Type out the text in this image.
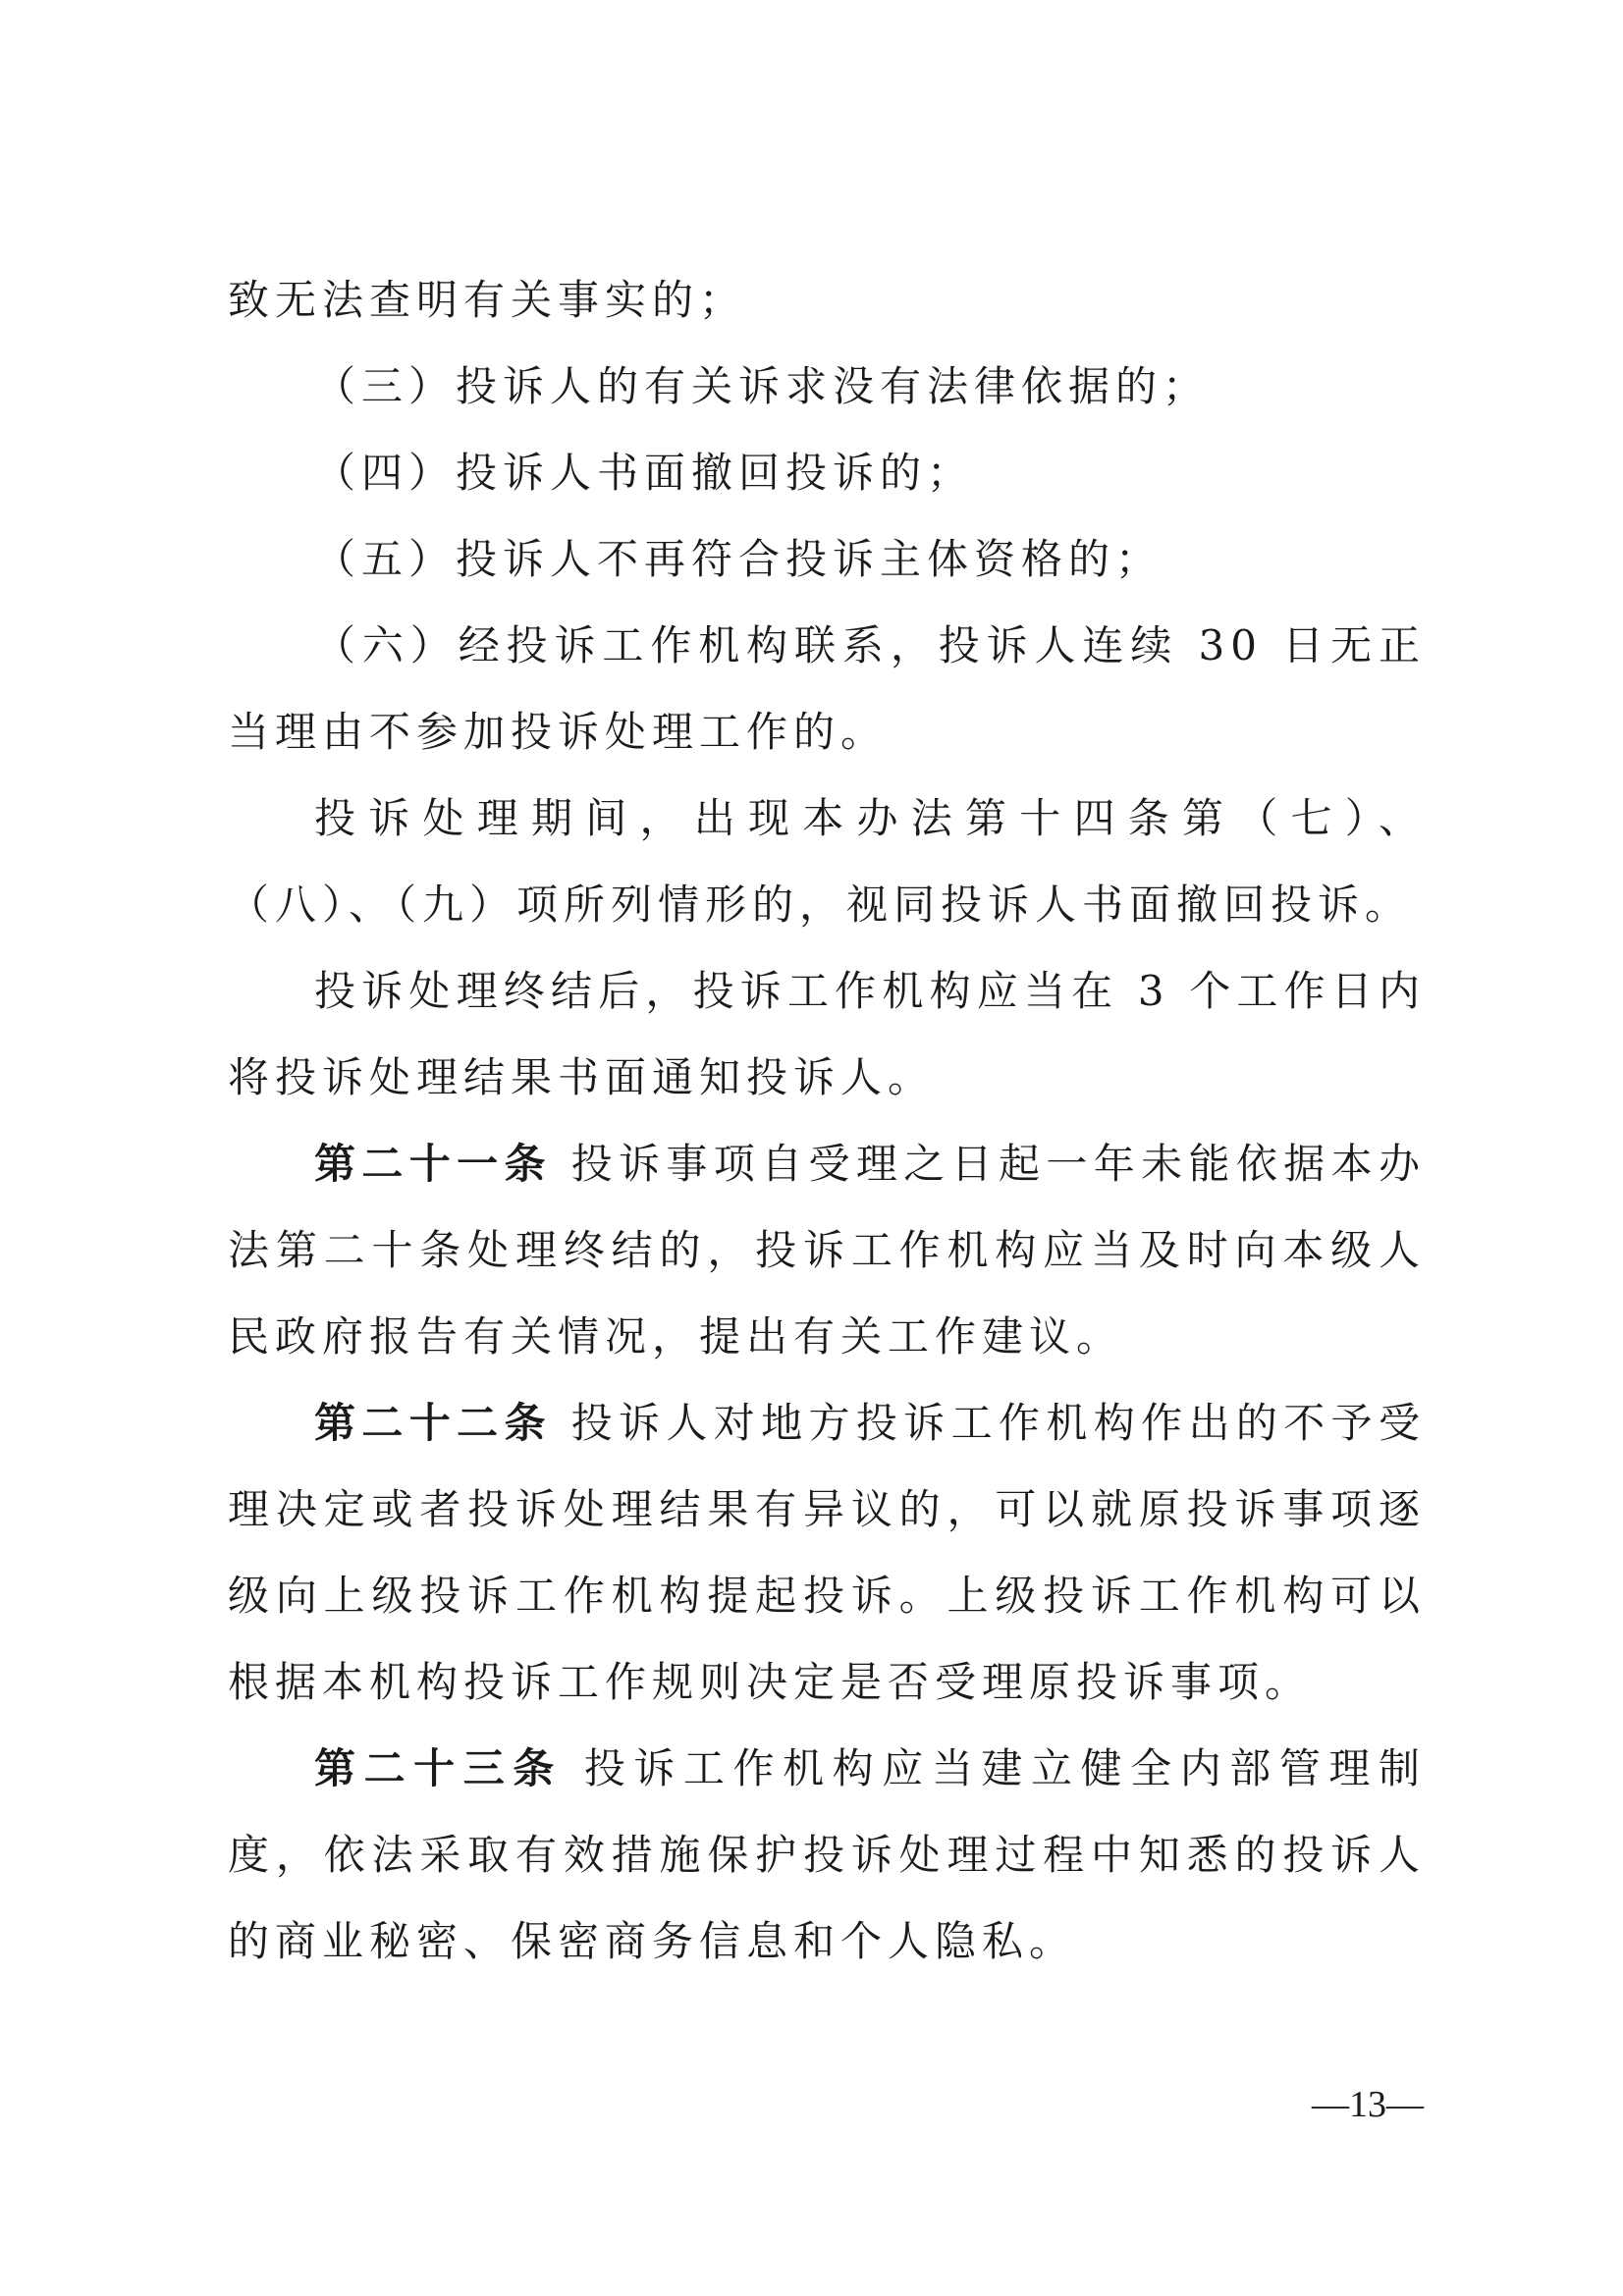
致无法查明有关事实的；

（三）投诉人的有关诉求没有法律依据的；

（四）投诉人书面撤回投诉的；

（五）投诉人不再符合投诉主体资格的；

（六）经投诉工作机构联系，投诉人连续 30 日无正当理由不参加投诉处理工作的。

投诉处理期间，出现本办法第十四条第（七）、（八）、（九）项所列情形的，视同投诉人书面撤回投诉。

投诉处理终结后，投诉工作机构应当在 3 个工作日内将投诉处理结果书面通知投诉人。

第二十一条 投诉事项自受理之日起一年未能依据本办法第二十条处理终结的，投诉工作机构应当及时向本级人民政府报告有关情况，提出有关工作建议。

第二十二条 投诉人对地方投诉工作机构作出的不予受理决定或者投诉处理结果有异议的，可以就原投诉事项逐级向上级投诉工作机构提起投诉。上级投诉工作机构可以根据本机构投诉工作规则决定是否受理原投诉事项。

第二十三条 投诉工作机构应当建立健全内部管理制度，依法采取有效措施保护投诉处理过程中知悉的投诉人的商业秘密、保密商务信息和个人隐私。

—13—
